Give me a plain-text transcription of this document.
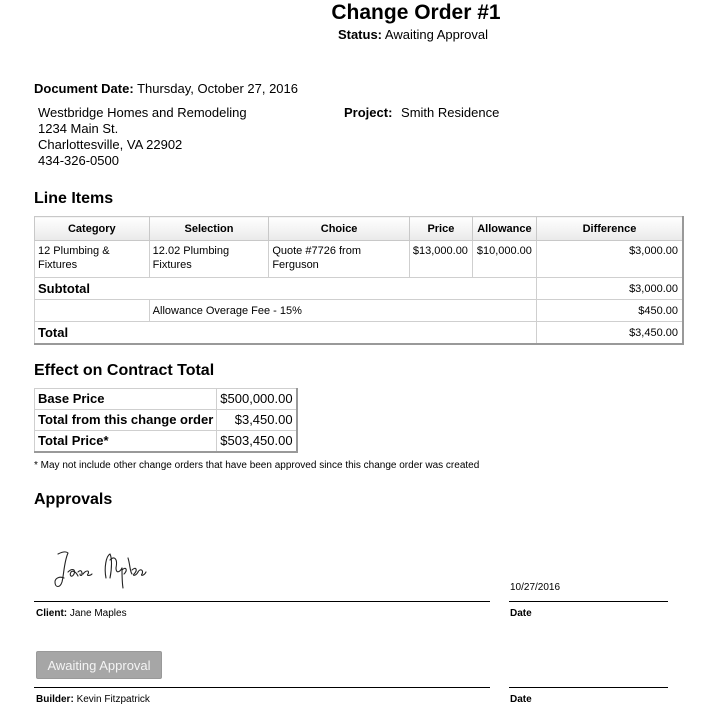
Change Order #1
Status: Awaiting Approval
Document Date: Thursday, October 27, 2016
Westbridge Homes and Remodeling
1234 Main St.
Charlottesville, VA 22902
434-326-0500
Project: Smith Residence
Line Items
Category	Selection	Choice	Price	Allowance	Difference
12 Plumbing & Fixtures	12.02 Plumbing Fixtures	Quote #7726 from Ferguson	$13,000.00	$10,000.00	$3,000.00
Subtotal					$3,000.00
	Allowance Overage Fee - 15%				$450.00
Total					$3,450.00
Effect on Contract Total
Base Price	$500,000.00
Total from this change order	$3,450.00
Total Price*	$503,450.00
* May not include other change orders that have been approved since this change order was created
Approvals
Client: Jane Maples
10/27/2016
Date
Awaiting Approval
Builder: Kevin Fitzpatrick	Date
